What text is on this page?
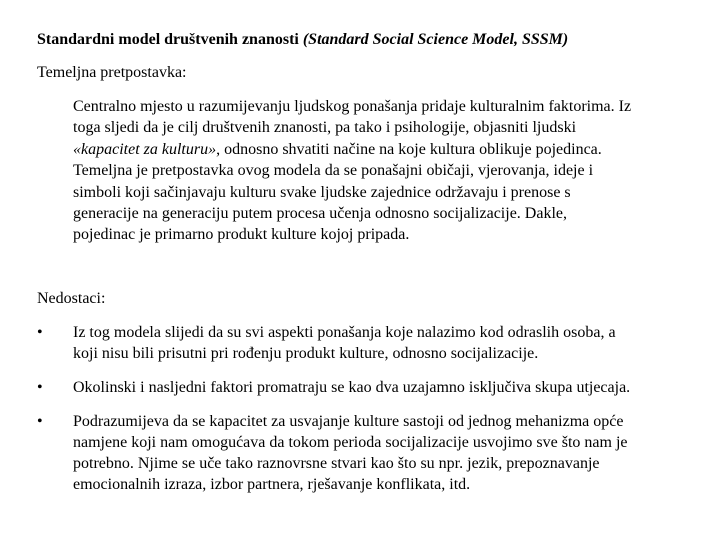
Standardni model društvenih znanosti (Standard Social Science Model, SSSM)
Temeljna pretpostavka:
Centralno mjesto u razumijevanju ljudskog ponašanja pridaje kulturalnim faktorima. Iz
toga sljedi da je cilj društvenih znanosti, pa tako i psihologije, objasniti ljudski
«kapacitet za kulturu», odnosno shvatiti načine na koje kultura oblikuje pojedinca.
Temeljna je pretpostavka ovog modela da se ponašajni običaji, vjerovanja, ideje i
simboli koji sačinjavaju kulturu svake ljudske zajednice održavaju i prenose s
generacije na generaciju putem procesa učenja odnosno socijalizacije. Dakle,
pojedinac je primarno produkt kulture kojoj pripada.
Nedostaci:
• Iz tog modela slijedi da su svi aspekti ponašanja koje nalazimo kod odraslih osoba, a
koji nisu bili prisutni pri rođenju produkt kulture, odnosno socijalizacije.
• Okolinski i nasljedni faktori promatraju se kao dva uzajamno isključiva skupa utjecaja.
• Podrazumijeva da se kapacitet za usvajanje kulture sastoji od jednog mehanizma opće
namjene koji nam omogućava da tokom perioda socijalizacije usvojimo sve što nam je
potrebno. Njime se uče tako raznovrsne stvari kao što su npr. jezik, prepoznavanje
emocionalnih izraza, izbor partnera, rješavanje konflikata, itd.
